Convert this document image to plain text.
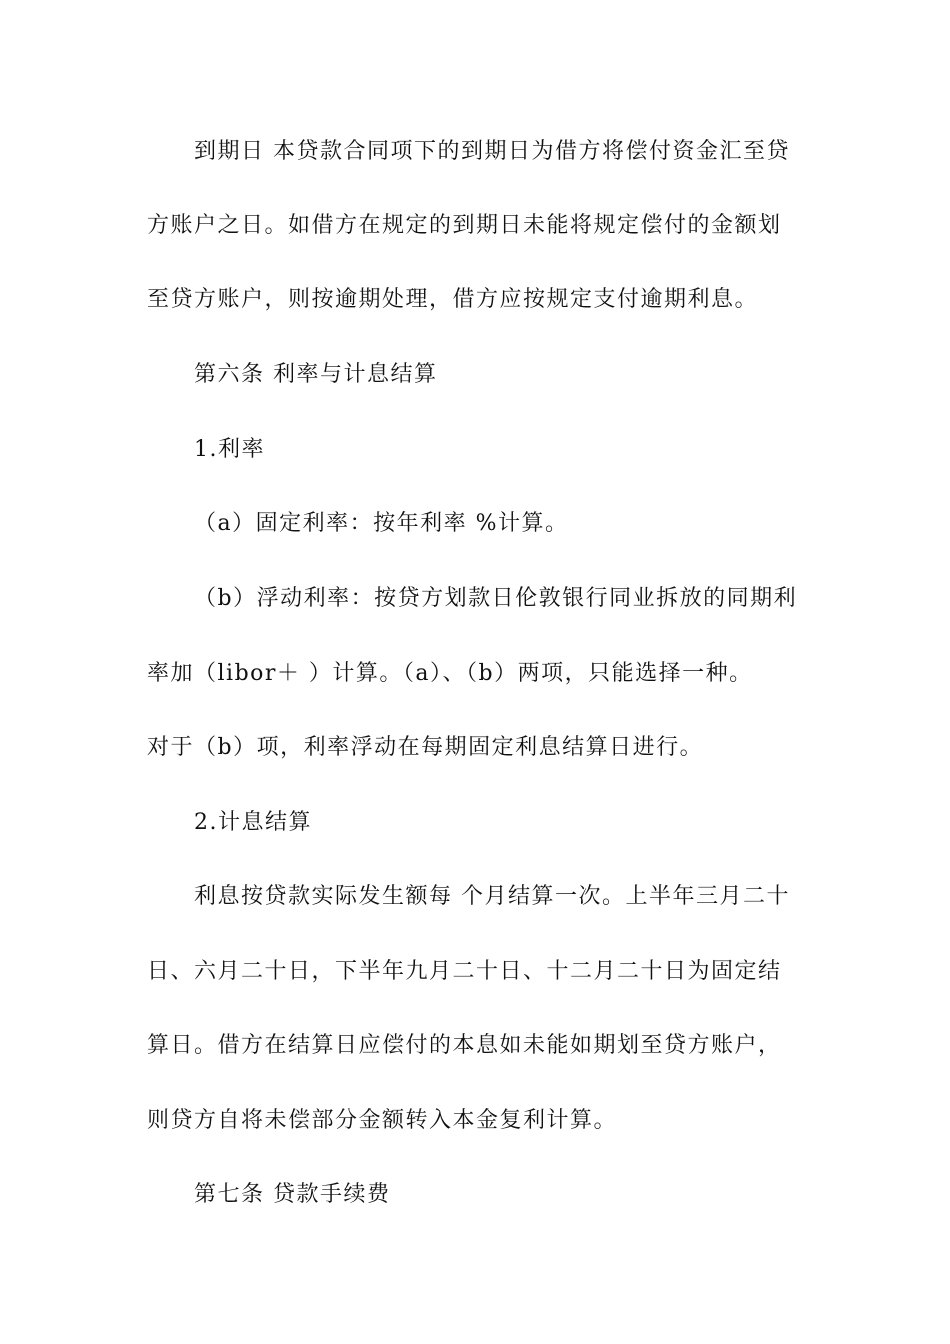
到期日 本贷款合同项下的到期日为借方将偿付资金汇至贷
方账户之日。如借方在规定的到期日未能将规定偿付的金额划
至贷方账户，则按逾期处理，借方应按规定支付逾期利息。
第六条 利率与计息结算
1.利率
（a）固定利率：按年利率 %计算。
（b）浮动利率：按贷方划款日伦敦银行同业拆放的同期利
率加（libor＋ ）计算。（a）、（b）两项，只能选择一种。
对于（b）项，利率浮动在每期固定利息结算日进行。
2.计息结算
利息按贷款实际发生额每 个月结算一次。上半年三月二十
日、六月二十日，下半年九月二十日、十二月二十日为固定结
算日。借方在结算日应偿付的本息如未能如期划至贷方账户，
则贷方自将未偿部分金额转入本金复利计算。
第七条 贷款手续费
